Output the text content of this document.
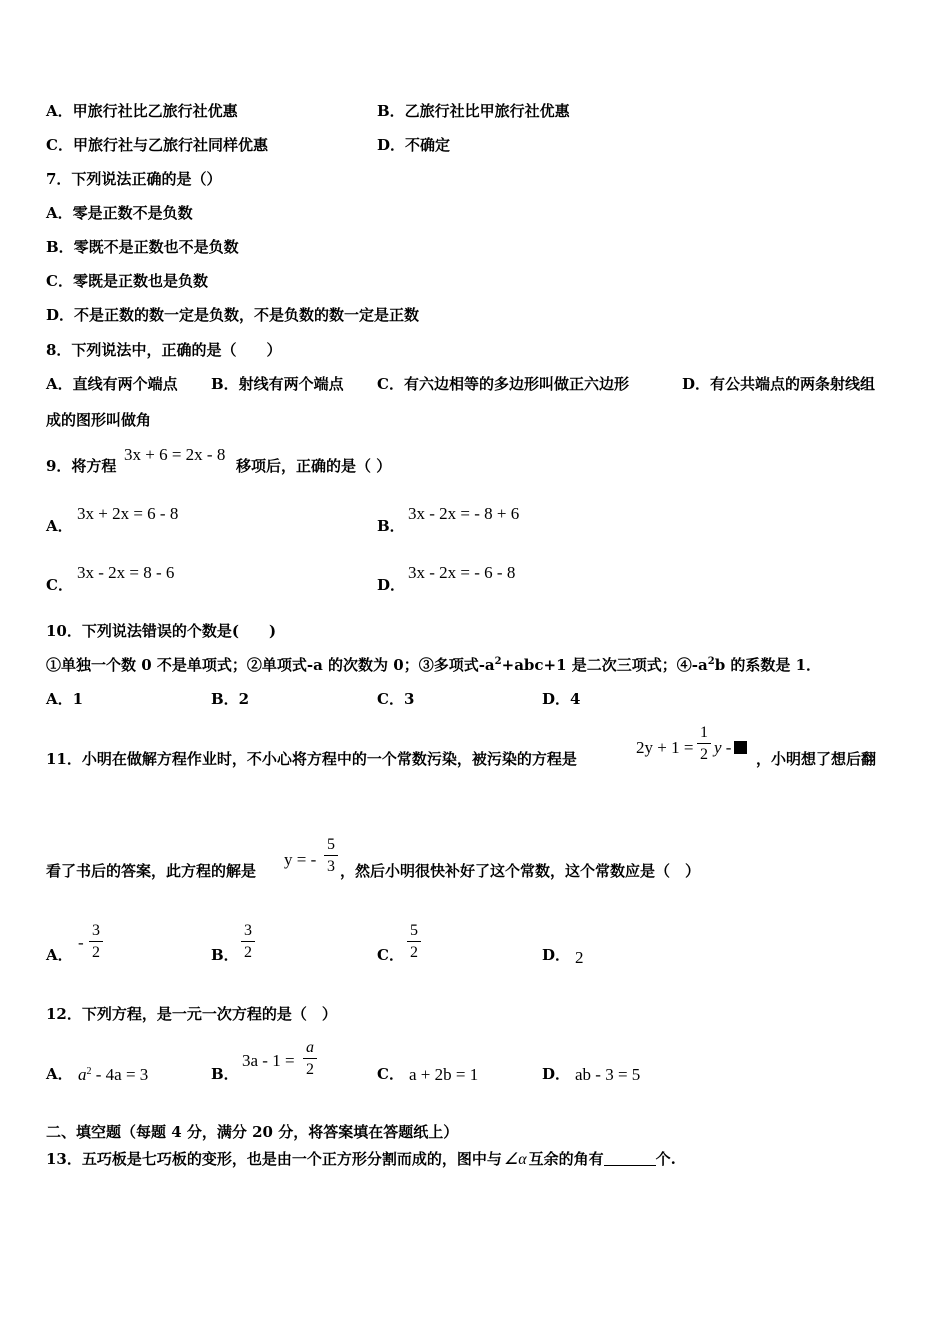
A．甲旅行社比乙旅行社优惠	B．乙旅行社比甲旅行社优惠
C．甲旅行社与乙旅行社同样优惠	D．不确定
7．下列说法正确的是（）
A．零是正数不是负数
B．零既不是正数也不是负数
C．零既是正数也是负数
D．不是正数的数一定是负数，不是负数的数一定是正数
8．下列说法中，正确的是（　　）
A．直线有两个端点 B．射线有两个端点 C．有六边相等的多边形叫做正六边形	D．有公共端点的两条射线组
成的图形叫做角
9．将方程
3x + 6 = 2x - 8
移项后，正确的是（ ）
A．
3x + 2x = 6 - 8
B．
3x - 2x = - 8 + 6
C．
3x - 2x = 8 - 6
D．
3x - 2x = - 6 - 8
10．下列说法错误的个数是(　　)
①单独一个数 0 不是单项式；②单项式-a 的次数为 0；③多项式$-a^2+abc+1$ 是二次三项式；$④-a^2b$ 的系数是 1．
A．1	B．2	C．3	D．4
11．小明在做解方程作业时，不小心将方程中的一个常数污染，被污染的方程是
2y + 1 =
1
2 y -
，小明想了想后翻
看了书后的答案，此方程的解是
y = -
5
3 ，然后小明很快补好了这个常数，这个常数应是（　）
A．
-
3
2	B．
3
2	C．
5
2	D． 2
12．下列方程，是一元一次方程的是（　）
A． $a^2 - 4a = 3$	B．
3a - 1 =
a
2	C． a + 2b = 1	D． ab - 3 = 5
二、填空题（每题 4 分，满分 20 分，将答案填在答题纸上）
13．五巧板是七巧板的变形，也是由一个正方形分割而成的，图中与 ∠α 互余的角有	个.
